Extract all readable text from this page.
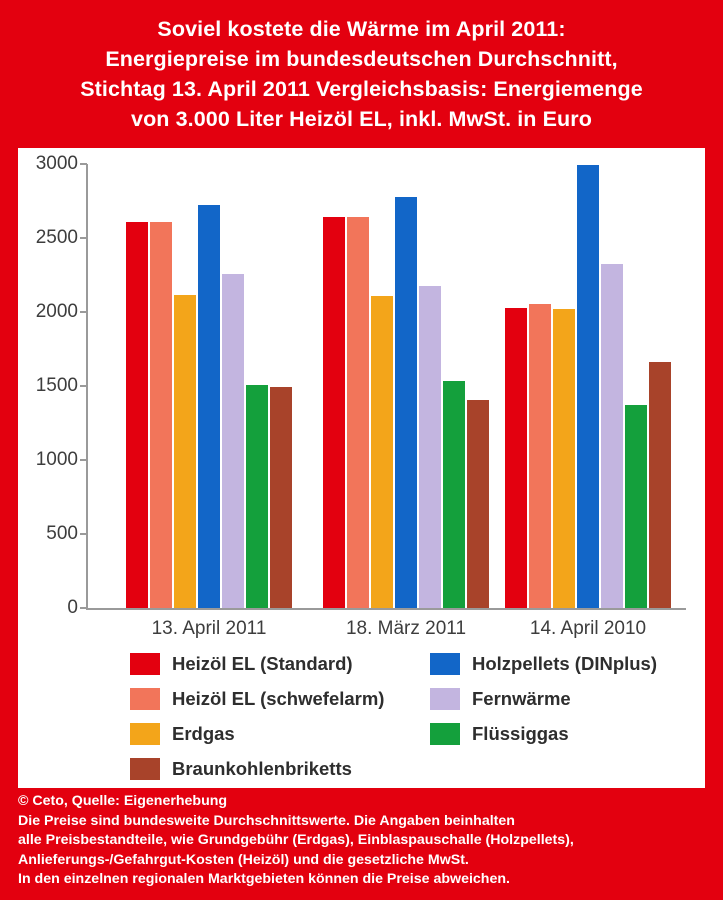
Soviel kostete die Wärme im April 2011:
Energiepreise im bundesdeutschen Durchschnitt,
Stichtag 13. April 2011 Vergleichsbasis: Energiemenge
von 3.000 Liter Heizöl EL, inkl. MwSt. in Euro
0
500
1000
1500
2000
2500
3000
13. April 2011	18. März 2011	14. April 2010
Heizöl EL (Standard)
Heizöl EL (schwefelarm)
Erdgas
Braunkohlenbriketts
Holzpellets (DINplus)
Fernwärme
Flüssiggas
© Ceto, Quelle: Eigenerhebung
Die Preise sind bundesweite Durchschnittswerte. Die Angaben beinhalten
alle Preisbestandteile, wie Grundgebühr (Erdgas), Einblaspauschalle (Holzpellets),
Anlieferungs-/Gefahrgut-Kosten (Heizöl) und die gesetzliche MwSt.
In den einzelnen regionalen Marktgebieten können die Preise abweichen.
